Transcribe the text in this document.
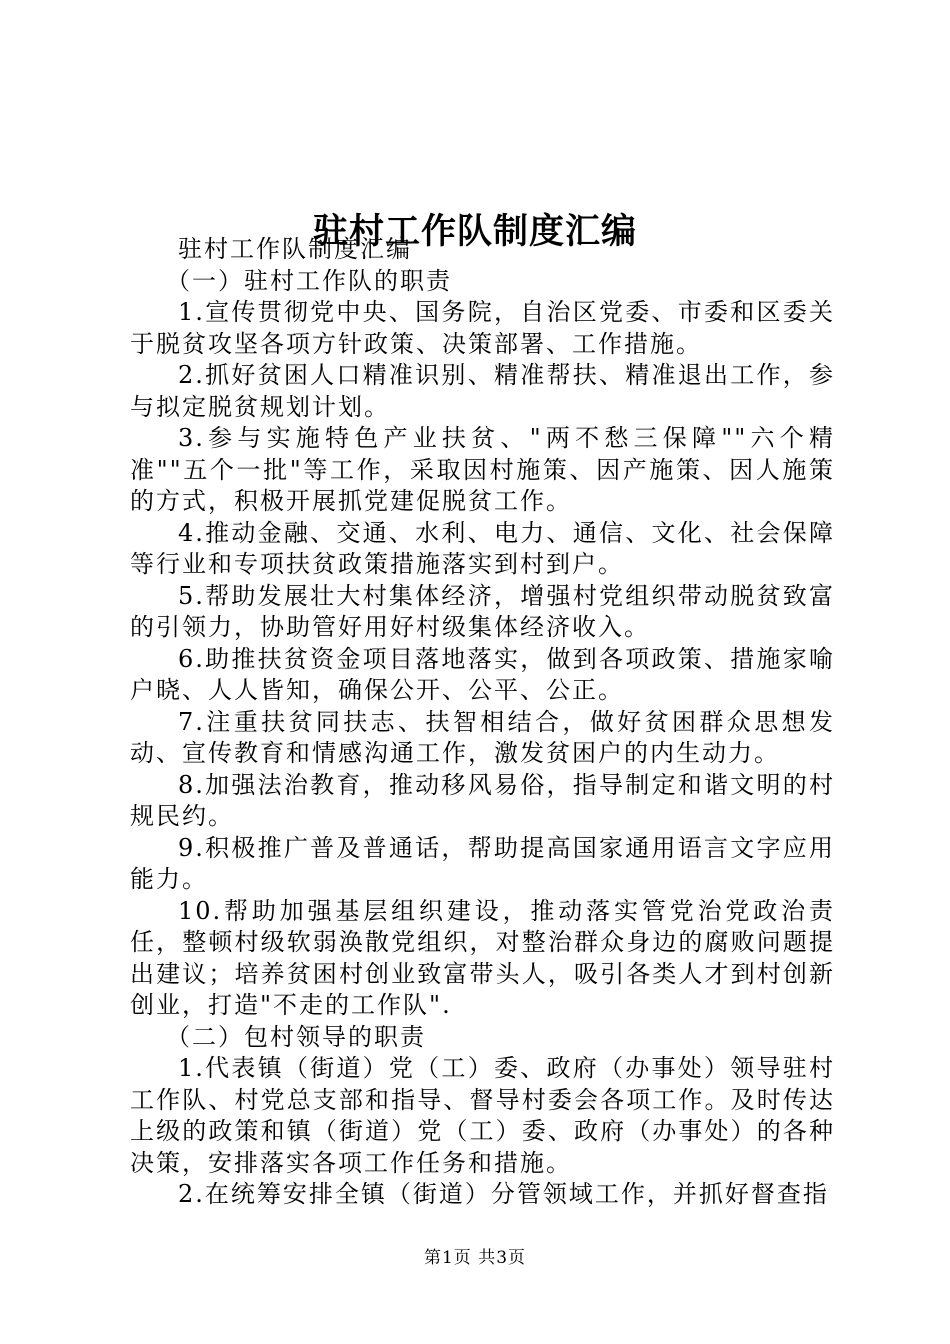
驻村工作队制度汇编

驻村工作队制度汇编

（一）驻村工作队的职责

1.宣传贯彻党中央、国务院，自治区党委、市委和区委关于脱贫攻坚各项方针政策、决策部署、工作措施。

2.抓好贫困人口精准识别、精准帮扶、精准退出工作，参与拟定脱贫规划计划。

3.参与实施特色产业扶贫、"两不愁三保障""六个精准""五个一批"等工作，采取因村施策、因产施策、因人施策的方式，积极开展抓党建促脱贫工作。

4.推动金融、交通、水利、电力、通信、文化、社会保障等行业和专项扶贫政策措施落实到村到户。

5.帮助发展壮大村集体经济，增强村党组织带动脱贫致富的引领力，协助管好用好村级集体经济收入。

6.助推扶贫资金项目落地落实，做到各项政策、措施家喻户晓、人人皆知，确保公开、公平、公正。

7.注重扶贫同扶志、扶智相结合，做好贫困群众思想发动、宣传教育和情感沟通工作，激发贫困户的内生动力。

8.加强法治教育，推动移风易俗，指导制定和谐文明的村规民约。

9.积极推广普及普通话，帮助提高国家通用语言文字应用能力。

10.帮助加强基层组织建设，推动落实管党治党政治责任，整顿村级软弱涣散党组织，对整治群众身边的腐败问题提出建议；培养贫困村创业致富带头人，吸引各类人才到村创新创业，打造"不走的工作队".

（二）包村领导的职责

1.代表镇（街道）党（工）委、政府（办事处）领导驻村工作队、村党总支部和指导、督导村委会各项工作。及时传达上级的政策和镇（街道）党（工）委、政府（办事处）的各种决策，安排落实各项工作任务和措施。

2.在统筹安排全镇（街道）分管领域工作，并抓好督查指

第1页 共3页
